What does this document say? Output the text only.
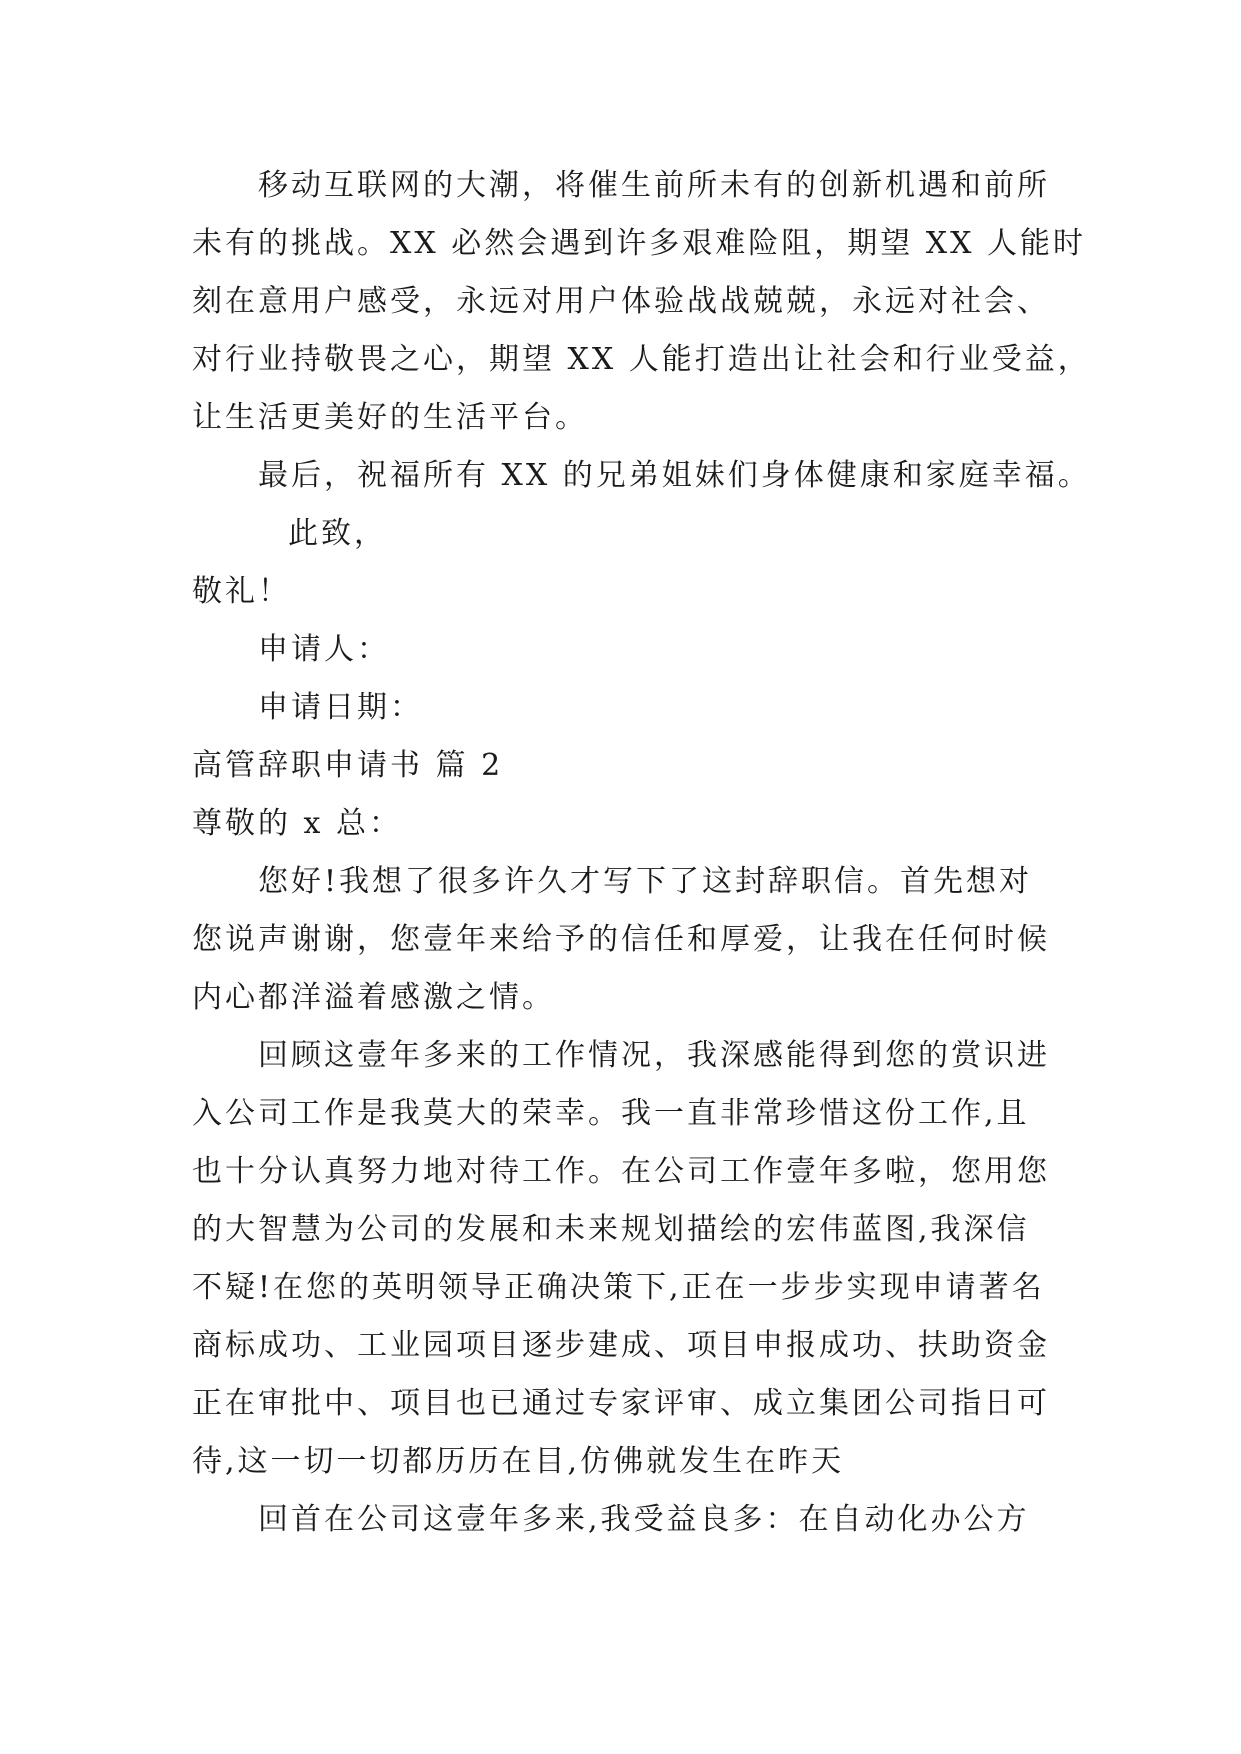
移动互联网的大潮，将催生前所未有的创新机遇和前所
未有的挑战。XX 必然会遇到许多艰难险阻，期望 XX 人能时
刻在意用户感受，永远对用户体验战战兢兢，永远对社会、
对行业持敬畏之心，期望 XX 人能打造出让社会和行业受益，
让生活更美好的生活平台。
最后，祝福所有 XX 的兄弟姐妹们身体健康和家庭幸福。
此致，
敬礼！
申请人：
申请日期：
高管辞职申请书 篇 2
尊敬的 x 总：
您好!我想了很多许久才写下了这封辞职信。首先想对
您说声谢谢，您壹年来给予的信任和厚爱，让我在任何时候
内心都洋溢着感激之情。
回顾这壹年多来的工作情况，我深感能得到您的赏识进
入公司工作是我莫大的荣幸。我一直非常珍惜这份工作,且
也十分认真努力地对待工作。在公司工作壹年多啦，您用您
的大智慧为公司的发展和未来规划描绘的宏伟蓝图,我深信
不疑!在您的英明领导正确决策下,正在一步步实现申请著名
商标成功、工业园项目逐步建成、项目申报成功、扶助资金
正在审批中、项目也已通过专家评审、成立集团公司指日可
待,这一切一切都历历在目,仿佛就发生在昨天
回首在公司这壹年多来,我受益良多：在自动化办公方
